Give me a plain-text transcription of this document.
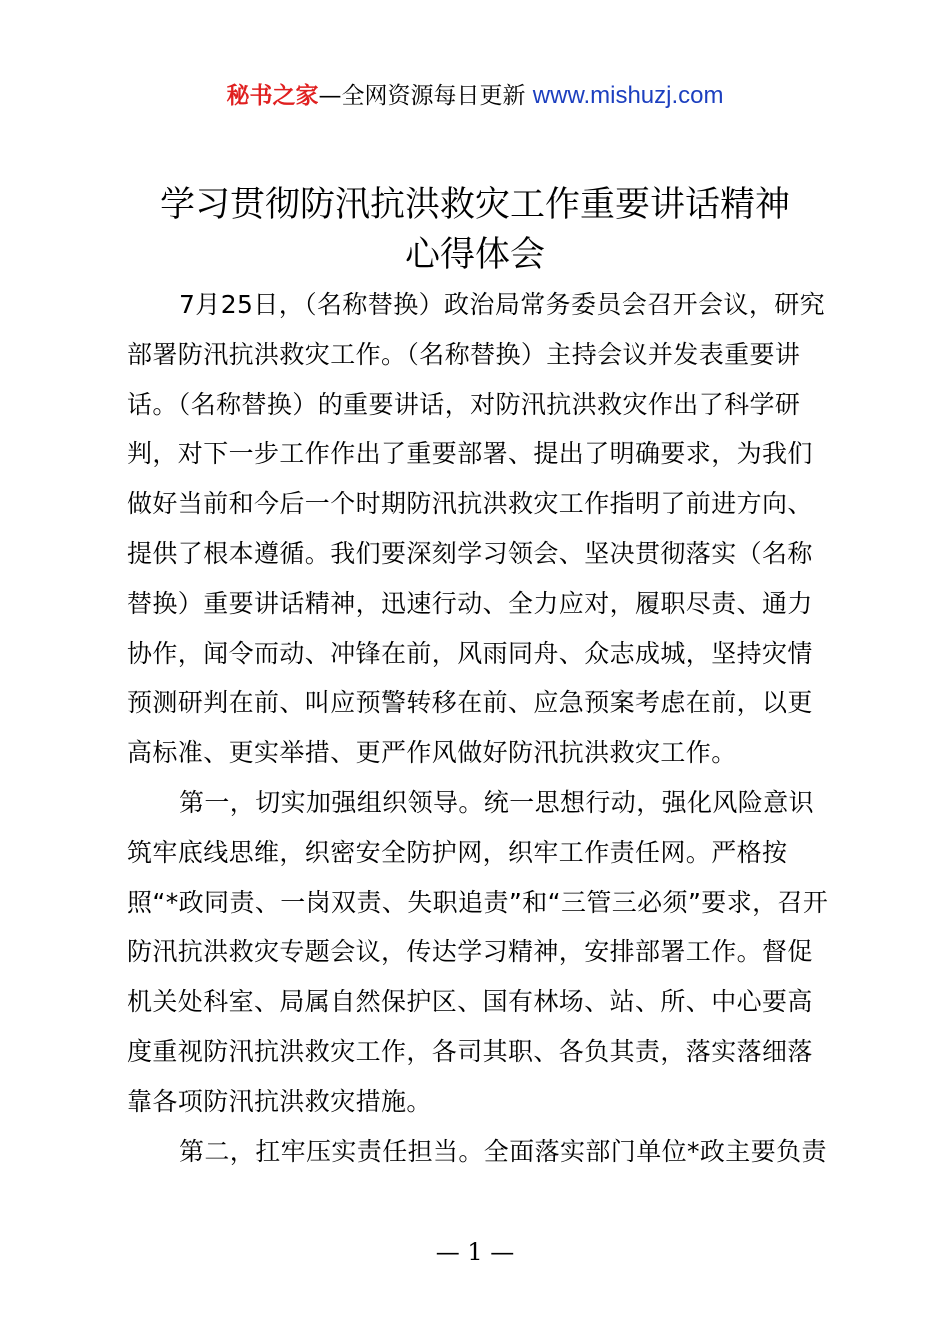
秘书之家—全网资源每日更新 www.mishuzj.com
学习贯彻防汛抗洪救灾工作重要讲话精神
心得体会

7月25日，（名称替换）政治局常务委员会召开会议，研究部署防汛抗洪救灾工作。（名称替换）主持会议并发表重要讲话。（名称替换）的重要讲话，对防汛抗洪救灾作出了科学研判，对下一步工作作出了重要部署、提出了明确要求，为我们做好当前和今后一个时期防汛抗洪救灾工作指明了前进方向、提供了根本遵循。我们要深刻学习领会、坚决贯彻落实（名称替换）重要讲话精神，迅速行动、全力应对，履职尽责、通力协作，闻令而动、冲锋在前，风雨同舟、众志成城，坚持灾情预测研判在前、叫应预警转移在前、应急预案考虑在前，以更高标准、更实举措、更严作风做好防汛抗洪救灾工作。

第一，切实加强组织领导。统一思想行动，强化风险意识筑牢底线思维，织密安全防护网，织牢工作责任网。严格按照“*政同责、一岗双责、失职追责”和“三管三必须”要求，召开防汛抗洪救灾专题会议，传达学习精神，安排部署工作。督促机关处科室、局属自然保护区、国有林场、站、所、中心要高度重视防汛抗洪救灾工作，各司其职、各负其责，落实落细落靠各项防汛抗洪救灾措施。

第二，扛牢压实责任担当。全面落实部门单位*政主要负责

— 1 —
